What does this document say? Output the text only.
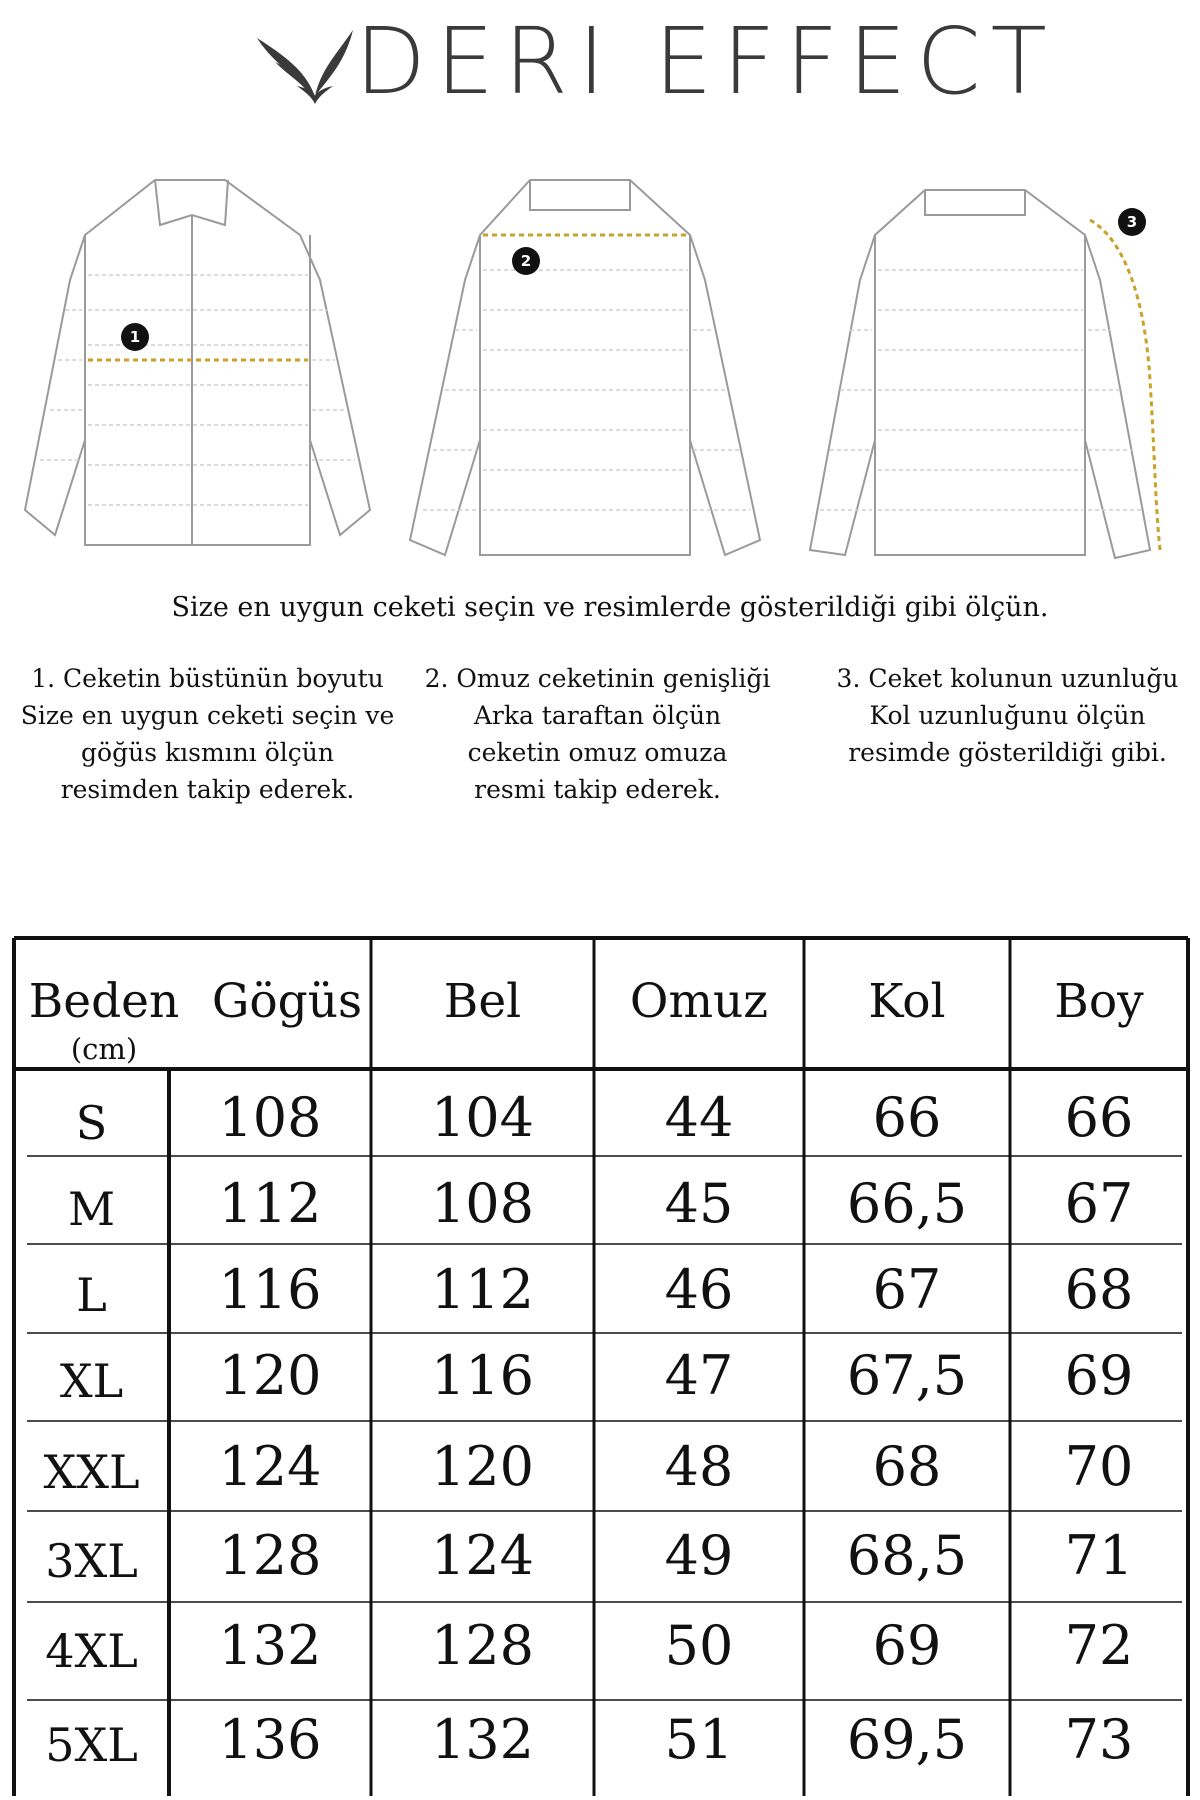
DERI EFFECT
1
2
3
Size en uygun ceketi seçin ve resimlerde gösterildiği gibi ölçün.
1. Ceketin büstünün boyutu
Size en uygun ceketi seçin ve
göğüs kısmını ölçün
resimden takip ederek.
2. Omuz ceketinin genişliği
Arka taraftan ölçün
ceketin omuz omuza
resmi takip ederek.
3. Ceket kolunun uzunluğu
Kol uzunluğunu ölçün
resimde gösterildiği gibi.
Beden
(cm)
Gögüs	Bel	Omuz	Kol	Boy
S	108	104	44	66	66
M	112	108	45	66,5	67
L	116	112	46	67	68
XL	120	116	47	67,5	69
XXL	124	120	48	68	70
3XL	128	124	49	68,5	71
4XL	132	128	50	69	72
5XL	136	132	51	69,5	73
